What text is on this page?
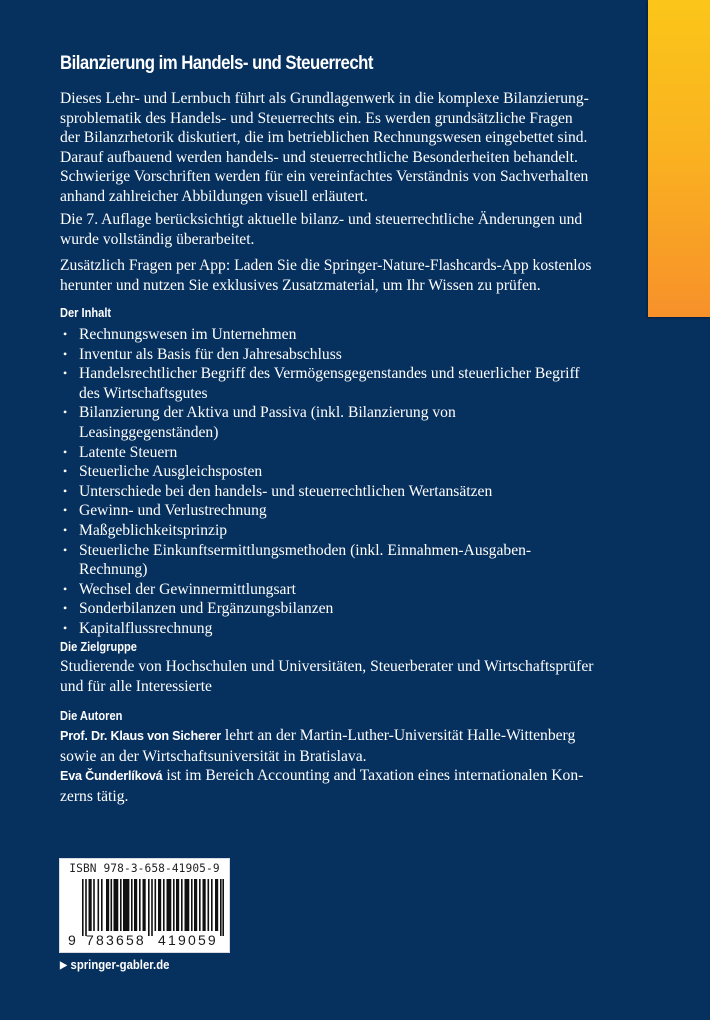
Bilanzierung im Handels- und Steuerrecht
Dieses Lehr- und Lernbuch führt als Grundlagenwerk in die komplexe Bilanzierung-
sproblematik des Handels- und Steuerrechts ein. Es werden grundsätzliche Fragen
der Bilanzrhetorik diskutiert, die im betrieblichen Rechnungswesen eingebettet sind.
Darauf aufbauend werden handels- und steuerrechtliche Besonderheiten behandelt.
Schwierige Vorschriften werden für ein vereinfachtes Verständnis von Sachverhalten
anhand zahlreicher Abbildungen visuell erläutert.
Die 7. Auflage berücksichtigt aktuelle bilanz- und steuerrechtliche Änderungen und
wurde vollständig überarbeitet.
Zusätzlich Fragen per App: Laden Sie die Springer-Nature-Flashcards-App kostenlos
herunter und nutzen Sie exklusives Zusatzmaterial, um Ihr Wissen zu prüfen.
Der Inhalt
• Rechnungswesen im Unternehmen
• Inventur als Basis für den Jahresabschluss
• Handelsrechtlicher Begriff des Vermögensgegenstandes und steuerlicher Begriff
des Wirtschaftsgutes
• Bilanzierung der Aktiva und Passiva (inkl. Bilanzierung von
Leasinggegenständen)
• Latente Steuern
• Steuerliche Ausgleichsposten
• Unterschiede bei den handels- und steuerrechtlichen Wertansätzen
• Gewinn- und Verlustrechnung
• Maßgeblichkeitsprinzip
• Steuerliche Einkunftsermittlungsmethoden (inkl. Einnahmen-Ausgaben-
Rechnung)
• Wechsel der Gewinnermittlungsart
• Sonderbilanzen und Ergänzungsbilanzen
• Kapitalflussrechnung
Die Zielgruppe
Studierende von Hochschulen und Universitäten, Steuerberater und Wirtschaftsprüfer
und für alle Interessierte
Die Autoren
Prof. Dr. Klaus von Sicherer lehrt an der Martin-Luther-Universität Halle-Wittenberg
sowie an der Wirtschaftsuniversität in Bratislava.
Eva Čunderlíková ist im Bereich Accounting and Taxation eines internationalen Kon-
zerns tätig.
ISBN 978-3-658-41905-9
9 783658 419059
▶ springer-gabler.de
